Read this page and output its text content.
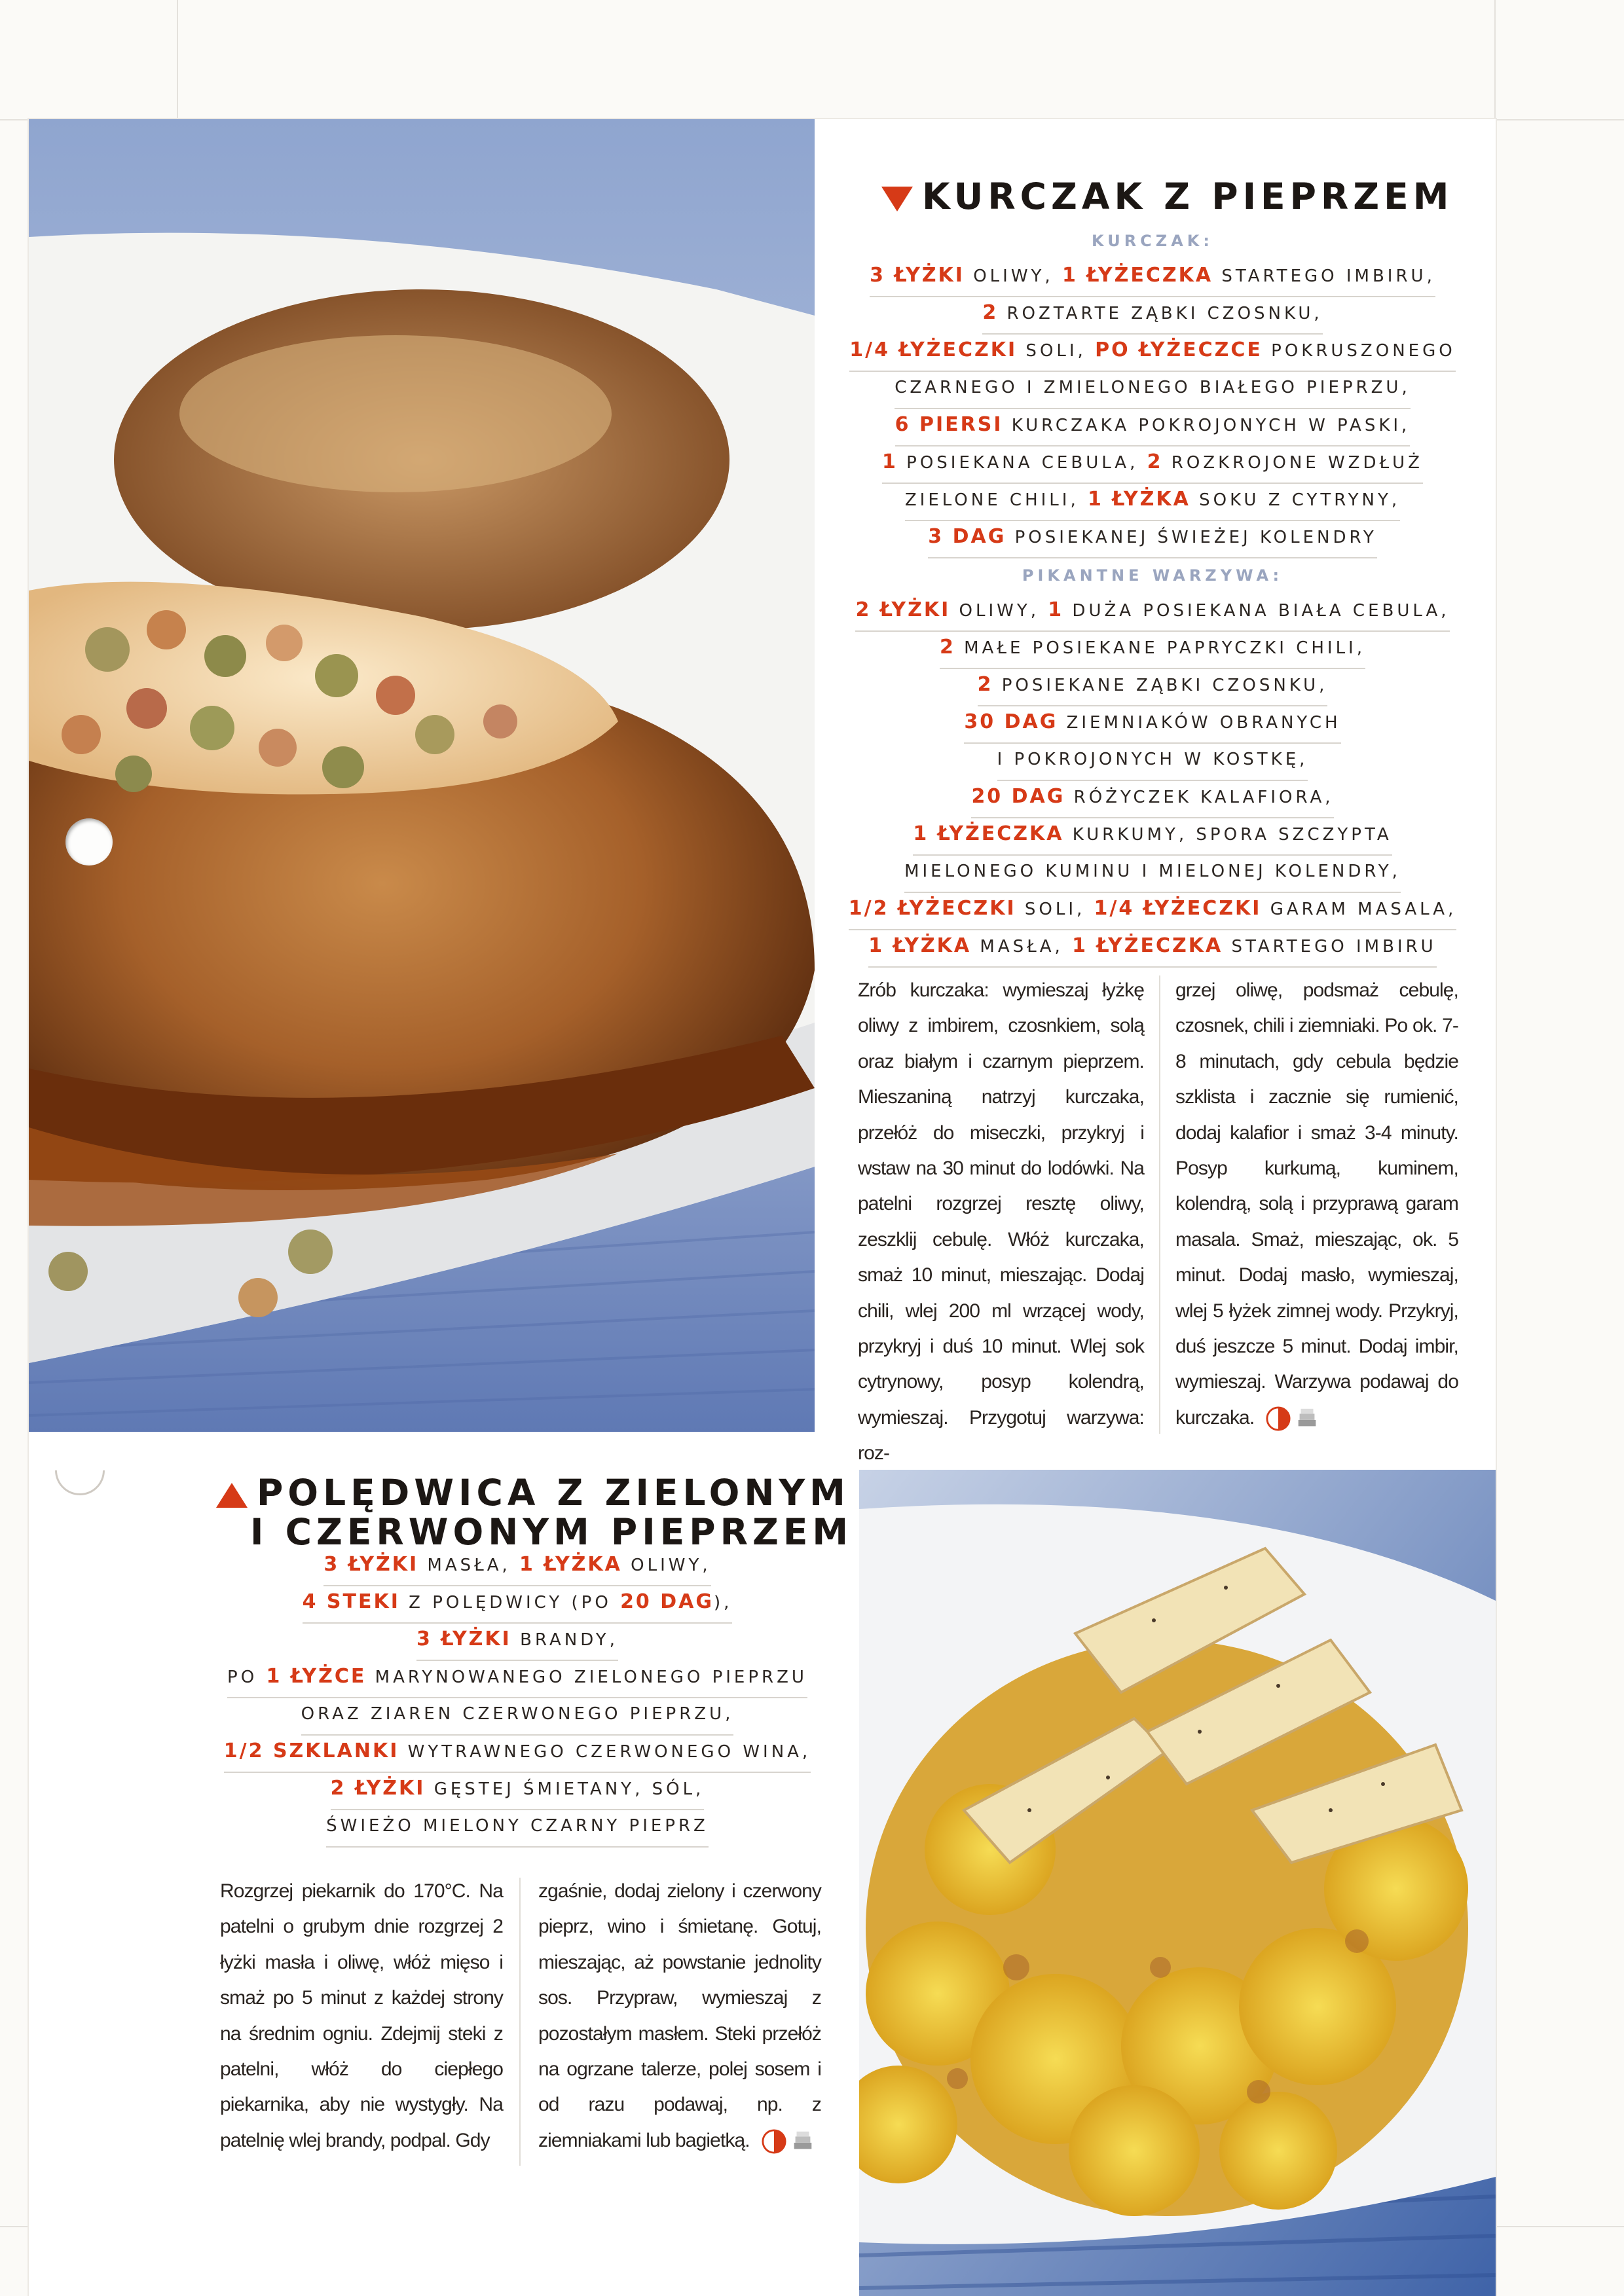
KURCZAK Z PIEPRZEM
KURCZAK:
3 ŁYŻKI OLIWY, 1 ŁYŻECZKA STARTEGO IMBIRU,
2 ROZTARTE ZĄBKI CZOSNKU,
1/4 ŁYŻECZKI SOLI, PO ŁYŻECZCE POKRUSZONEGO
CZARNEGO I ZMIELONEGO BIAŁEGO PIEPRZU,
6 PIERSI KURCZAKA POKROJONYCH W PASKI,
1 POSIEKANA CEBULA, 2 ROZKROJONE WZDŁUŻ
ZIELONE CHILI, 1 ŁYŻKA SOKU Z CYTRYNY,
3 DAG POSIEKANEJ ŚWIEŻEJ KOLENDRY
PIKANTNE WARZYWA:
2 ŁYŻKI OLIWY, 1 DUŻA POSIEKANA BIAŁA CEBULA,
2 MAŁE POSIEKANE PAPRYCZKI CHILI,
2 POSIEKANE ZĄBKI CZOSNKU,
30 DAG ZIEMNIAKÓW OBRANYCH
I POKROJONYCH W KOSTKĘ,
20 DAG RÓŻYCZEK KALAFIORA,
1 ŁYŻECZKA KURKUMY, SPORA SZCZYPTA
MIELONEGO KUMINU I MIELONEJ KOLENDRY,
1/2 ŁYŻECZKI SOLI, 1/4 ŁYŻECZKI GARAM MASALA,
1 ŁYŻKA MASŁA, 1 ŁYŻECZKA STARTEGO IMBIRU

Zrób kurczaka: wymieszaj łyżkę oliwy z imbirem, czosnkiem, solą oraz białym i czarnym pieprzem. Mieszaniną natrzyj kurczaka, przełóż do miseczki, przykryj i wstaw na 30 minut do lodówki. Na patelni rozgrzej resztę oliwy, zeszklij cebulę. Włóż kurczaka, smaż 10 minut, mieszając. Dodaj chili, wlej 200 ml wrzącej wody, przykryj i duś 10 minut. Wlej sok cytrynowy, posyp kolendrą, wymieszaj. Przygotuj warzywa: roz-

grzej oliwę, podsmaż cebulę, czosnek, chili i ziemniaki. Po ok. 7-8 minutach, gdy cebula będzie szklista i zacznie się rumienić, dodaj kalafior i smaż 3-4 minuty. Posyp kurkumą, kuminem, kolendrą, solą i przyprawą garam masala. Smaż, mieszając, ok. 5 minut. Dodaj masło, wymieszaj, wlej 5 łyżek zimnej wody. Przykryj, duś jeszcze 5 minut. Dodaj imbir, wymieszaj. Warzywa podawaj do kurczaka.

POLĘDWICA Z ZIELONYM
I CZERWONYM PIEPRZEM
3 ŁYŻKI MASŁA, 1 ŁYŻKA OLIWY,
4 STEKI Z POLĘDWICY (PO 20 DAG),
3 ŁYŻKI BRANDY,
PO 1 ŁYŻCE MARYNOWANEGO ZIELONEGO PIEPRZU
ORAZ ZIAREN CZERWONEGO PIEPRZU,
1/2 SZKLANKI WYTRAWNEGO CZERWONEGO WINA,
2 ŁYŻKI GĘSTEJ ŚMIETANY, SÓL,
ŚWIEŻO MIELONY CZARNY PIEPRZ

Rozgrzej piekarnik do 170°C. Na patelni o grubym dnie rozgrzej 2 łyżki masła i oliwę, włóż mięso i smaż po 5 minut z każdej strony na średnim ogniu. Zdejmij steki z patelni, włóż do ciepłego piekarnika, aby nie wystygły. Na patelnię wlej brandy, podpal. Gdy

zgaśnie, dodaj zielony i czerwony pieprz, wino i śmietanę. Gotuj, mieszając, aż powstanie jednolity sos. Przypraw, wymieszaj z pozostałym masłem. Steki przełóż na ogrzane talerze, polej sosem i od razu podawaj, np. z ziemniakami lub bagietką.
